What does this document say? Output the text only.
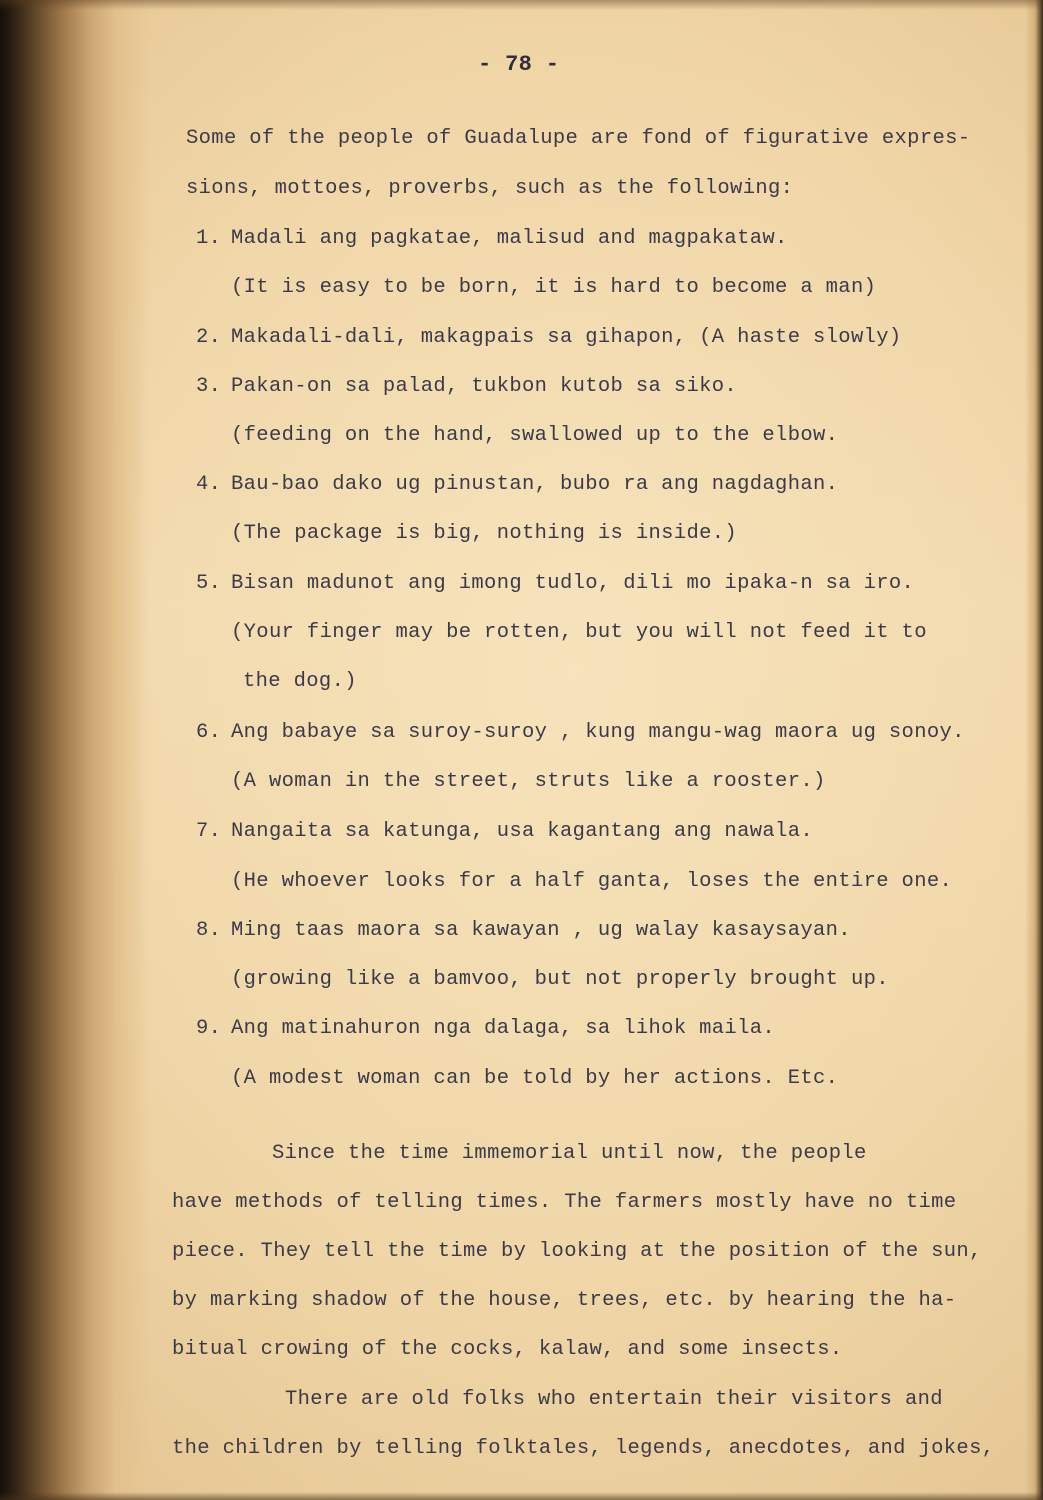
- 78 -
Some of the people of Guadalupe are fond of figurative expres-
sions, mottoes, proverbs, such as the following:
1. Madali ang pagkatae, malisud and magpakataw.
(It is easy to be born, it is hard to become a man)
2. Makadali-dali, makagpais sa gihapon, (A haste slowly)
3. Pakan-on sa palad, tukbon kutob sa siko.
(feeding on the hand, swallowed up to the elbow.
4. Bau-bao dako ug pinustan, bubo ra ang nagdaghan.
(The package is big, nothing is inside.)
5. Bisan madunot ang imong tudlo, dili mo ipaka-n sa iro.
(Your finger may be rotten, but you will not feed it to
the dog.)
6. Ang babaye sa suroy-suroy , kung mangu-wag maora ug sonoy.
(A woman in the street, struts like a rooster.)
7. Nangaita sa katunga, usa kagantang ang nawala.
(He whoever looks for a half ganta, loses the entire one.
8. Ming taas maora sa kawayan , ug walay kasaysayan.
(growing like a bamvoo, but not properly brought up.
9. Ang matinahuron nga dalaga, sa lihok maila.
(A modest woman can be told by her actions. Etc.
Since the time immemorial until now, the people
have methods of telling times. The farmers mostly have no time
piece. They tell the time by looking at the position of the sun,
by marking shadow of the house, trees, etc. by hearing the ha-
bitual crowing of the cocks, kalaw, and some insects.
There are old folks who entertain their visitors and
the children by telling folktales, legends, anecdotes, and jokes,
